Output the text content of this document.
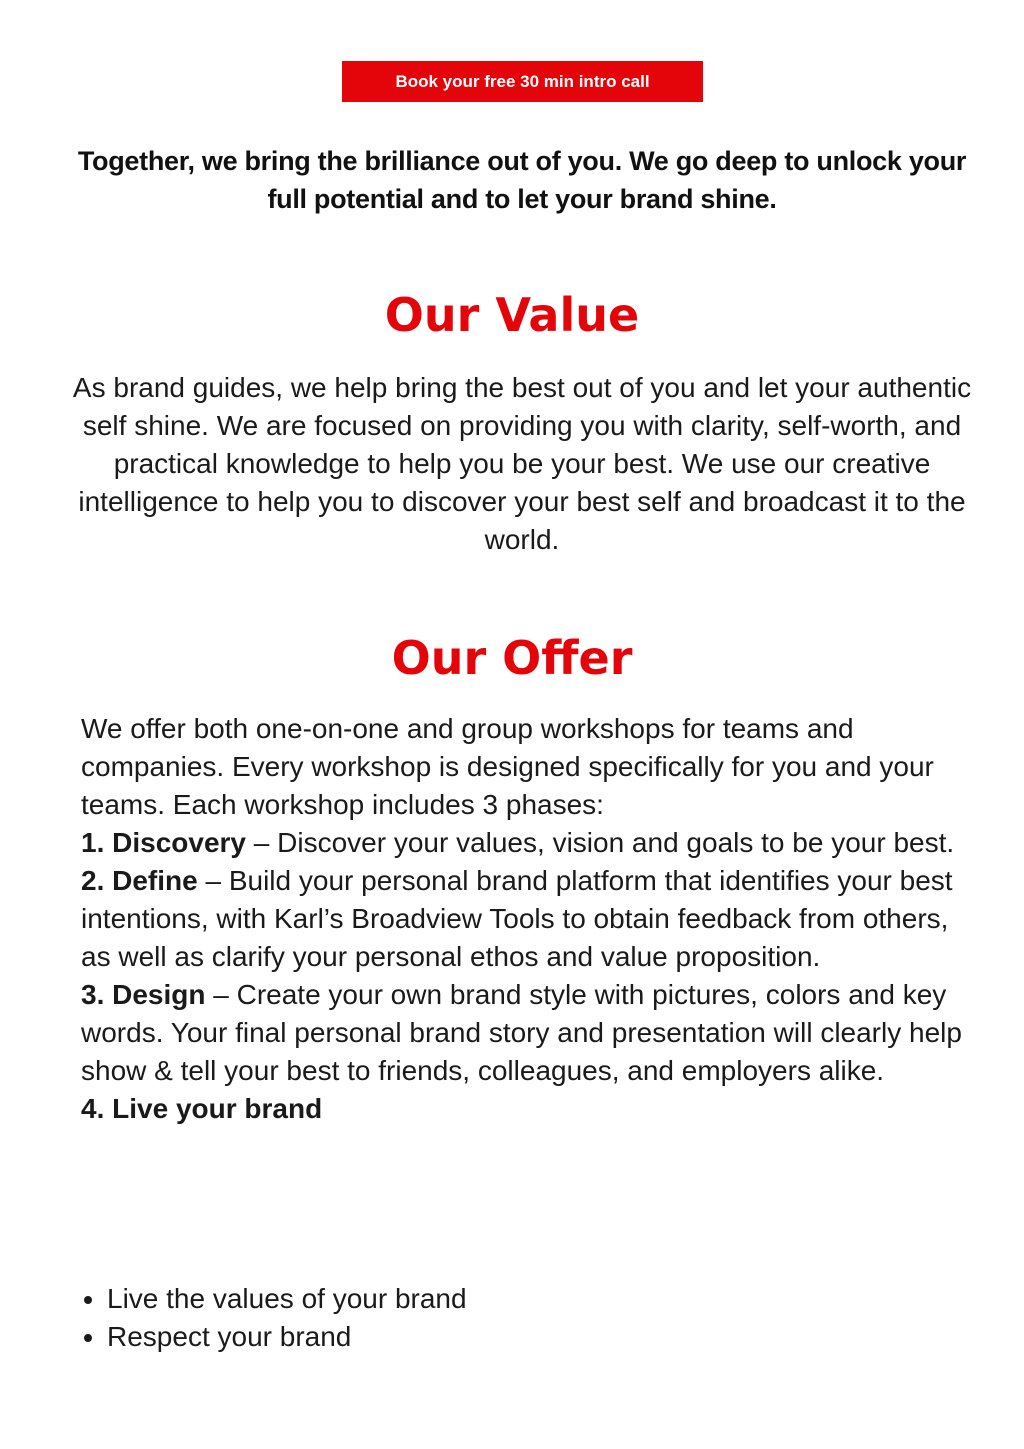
Book your free 30 min intro call
Together, we bring the brilliance out of you. We go deep to unlock your full potential and to let your brand shine.
Our Value

As brand guides, we help bring the best out of you and let your authentic self shine. We are focused on providing you with clarity, self-worth, and practical knowledge to help you be your best. We use our creative intelligence to help you to discover your best self and broadcast it to the world.

Our Offer

We offer both one-on-one and group workshops for teams and companies. Every workshop is designed specifically for you and your teams. Each workshop includes 3 phases:

1. Discovery – Discover your values, vision and goals to be your best.

2. Define – Build your personal brand platform that identifies your best intentions, with Karl’s Broadview Tools to obtain feedback from others, as well as clarify your personal ethos and value proposition.

3. Design – Create your own brand style with pictures, colors and key words. Your final personal brand story and presentation will clearly help show & tell your best to friends, colleagues, and employers alike.

4. Live your brand

• Live the values of your brand
• Respect your brand
